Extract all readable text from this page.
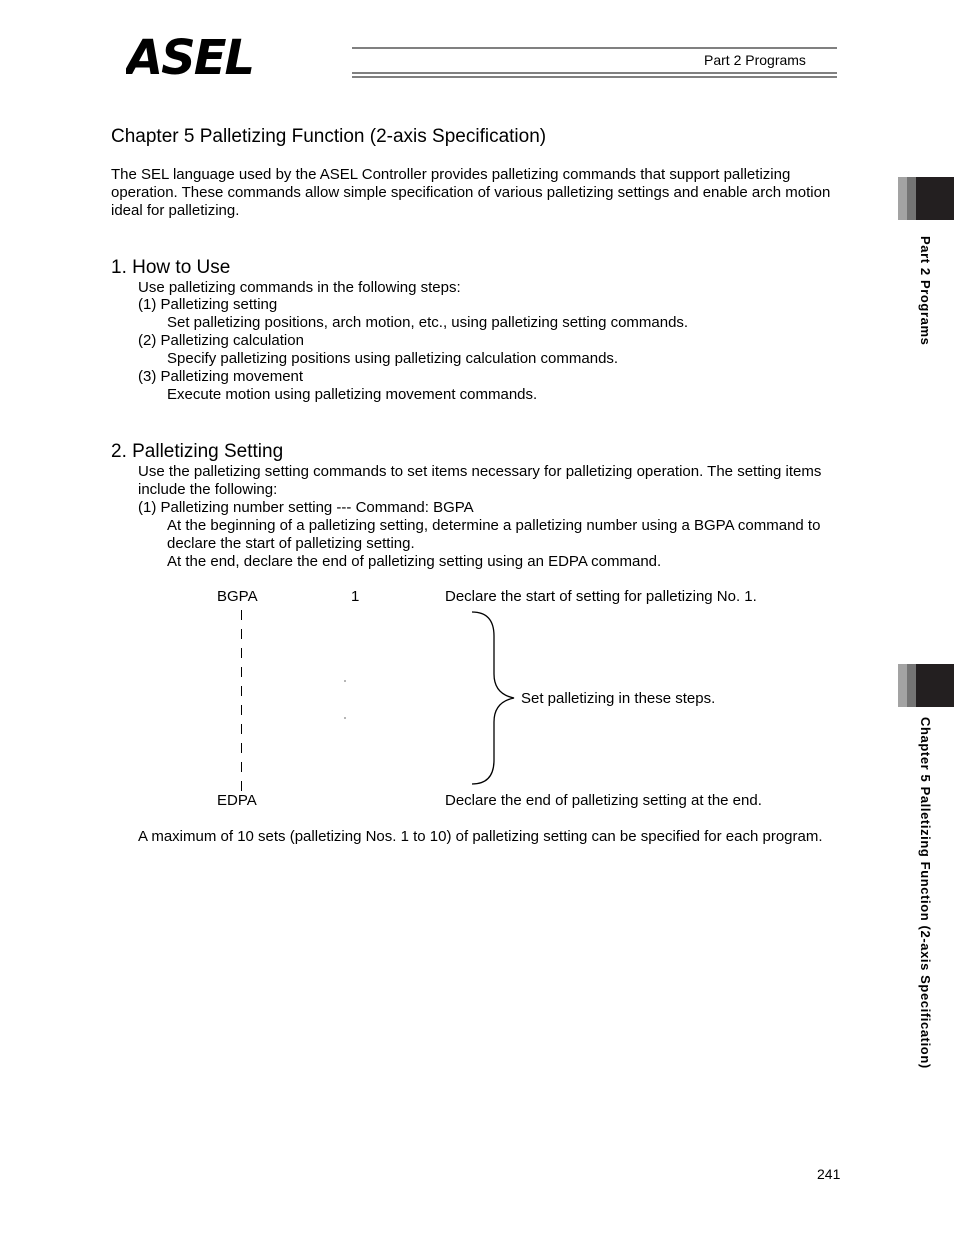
ASEL	Part 2 Programs
Part 2 Programs
Chapter 5 Palletizing Function (2-axis Specification)
Chapter 5 Palletizing Function (2-axis Specification)
The SEL language used by the ASEL Controller provides palletizing commands that support palletizing operation. These commands allow simple specification of various palletizing settings and enable arch motion ideal for palletizing.
1. How to Use
Use palletizing commands in the following steps:
(1) Palletizing setting
Set palletizing positions, arch motion, etc., using palletizing setting commands.
(2) Palletizing calculation
Specify palletizing positions using palletizing calculation commands.
(3) Palletizing movement
Execute motion using palletizing movement commands.
2. Palletizing Setting
Use the palletizing setting commands to set items necessary for palletizing operation. The setting items include the following:
(1) Palletizing number setting --- Command: BGPA
At the beginning of a palletizing setting, determine a palletizing number using a BGPA command to declare the start of palletizing setting.
At the end, declare the end of palletizing setting using an EDPA command.
BGPA	1	Declare the start of setting for palletizing No. 1.
Set palletizing in these steps.
EDPA	Declare the end of palletizing setting at the end.
A maximum of 10 sets (palletizing Nos. 1 to 10) of palletizing setting can be specified for each program.
241
